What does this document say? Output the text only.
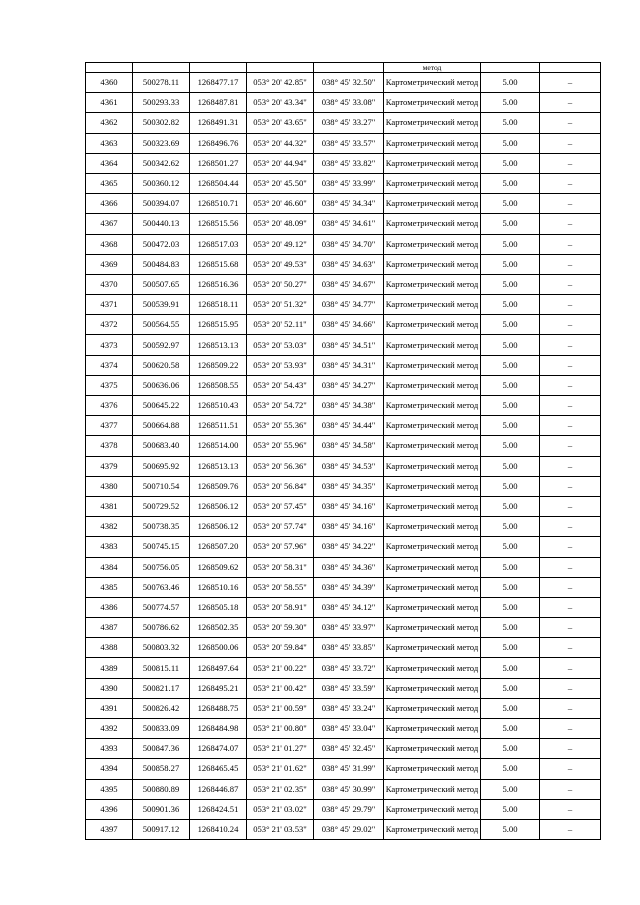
					метод		
4360	500278.11	1268477.17	053° 20' 42.85"	038° 45' 32.50"	Картометрический метод	5.00	–
4361	500293.33	1268487.81	053° 20' 43.34"	038° 45' 33.08"	Картометрический метод	5.00	–
4362	500302.82	1268491.31	053° 20' 43.65"	038° 45' 33.27"	Картометрический метод	5.00	–
4363	500323.69	1268496.76	053° 20' 44.32"	038° 45' 33.57"	Картометрический метод	5.00	–
4364	500342.62	1268501.27	053° 20' 44.94"	038° 45' 33.82"	Картометрический метод	5.00	–
4365	500360.12	1268504.44	053° 20' 45.50"	038° 45' 33.99"	Картометрический метод	5.00	–
4366	500394.07	1268510.71	053° 20' 46.60"	038° 45' 34.34"	Картометрический метод	5.00	–
4367	500440.13	1268515.56	053° 20' 48.09"	038° 45' 34.61"	Картометрический метод	5.00	–
4368	500472.03	1268517.03	053° 20' 49.12"	038° 45' 34.70"	Картометрический метод	5.00	–
4369	500484.83	1268515.68	053° 20' 49.53"	038° 45' 34.63"	Картометрический метод	5.00	–
4370	500507.65	1268516.36	053° 20' 50.27"	038° 45' 34.67"	Картометрический метод	5.00	–
4371	500539.91	1268518.11	053° 20' 51.32"	038° 45' 34.77"	Картометрический метод	5.00	–
4372	500564.55	1268515.95	053° 20' 52.11"	038° 45' 34.66"	Картометрический метод	5.00	–
4373	500592.97	1268513.13	053° 20' 53.03"	038° 45' 34.51"	Картометрический метод	5.00	–
4374	500620.58	1268509.22	053° 20' 53.93"	038° 45' 34.31"	Картометрический метод	5.00	–
4375	500636.06	1268508.55	053° 20' 54.43"	038° 45' 34.27"	Картометрический метод	5.00	–
4376	500645.22	1268510.43	053° 20' 54.72"	038° 45' 34.38"	Картометрический метод	5.00	–
4377	500664.88	1268511.51	053° 20' 55.36"	038° 45' 34.44"	Картометрический метод	5.00	–
4378	500683.40	1268514.00	053° 20' 55.96"	038° 45' 34.58"	Картометрический метод	5.00	–
4379	500695.92	1268513.13	053° 20' 56.36"	038° 45' 34.53"	Картометрический метод	5.00	–
4380	500710.54	1268509.76	053° 20' 56.84"	038° 45' 34.35"	Картометрический метод	5.00	–
4381	500729.52	1268506.12	053° 20' 57.45"	038° 45' 34.16"	Картометрический метод	5.00	–
4382	500738.35	1268506.12	053° 20' 57.74"	038° 45' 34.16"	Картометрический метод	5.00	–
4383	500745.15	1268507.20	053° 20' 57.96"	038° 45' 34.22"	Картометрический метод	5.00	–
4384	500756.05	1268509.62	053° 20' 58.31"	038° 45' 34.36"	Картометрический метод	5.00	–
4385	500763.46	1268510.16	053° 20' 58.55"	038° 45' 34.39"	Картометрический метод	5.00	–
4386	500774.57	1268505.18	053° 20' 58.91"	038° 45' 34.12"	Картометрический метод	5.00	–
4387	500786.62	1268502.35	053° 20' 59.30"	038° 45' 33.97"	Картометрический метод	5.00	–
4388	500803.32	1268500.06	053° 20' 59.84"	038° 45' 33.85"	Картометрический метод	5.00	–
4389	500815.11	1268497.64	053° 21' 00.22"	038° 45' 33.72"	Картометрический метод	5.00	–
4390	500821.17	1268495.21	053° 21' 00.42"	038° 45' 33.59"	Картометрический метод	5.00	–
4391	500826.42	1268488.75	053° 21' 00.59"	038° 45' 33.24"	Картометрический метод	5.00	–
4392	500833.09	1268484.98	053° 21' 00.80"	038° 45' 33.04"	Картометрический метод	5.00	–
4393	500847.36	1268474.07	053° 21' 01.27"	038° 45' 32.45"	Картометрический метод	5.00	–
4394	500858.27	1268465.45	053° 21' 01.62"	038° 45' 31.99"	Картометрический метод	5.00	–
4395	500880.89	1268446.87	053° 21' 02.35"	038° 45' 30.99"	Картометрический метод	5.00	–
4396	500901.36	1268424.51	053° 21' 03.02"	038° 45' 29.79"	Картометрический метод	5.00	–
4397	500917.12	1268410.24	053° 21' 03.53"	038° 45' 29.02"	Картометрический метод	5.00	–
